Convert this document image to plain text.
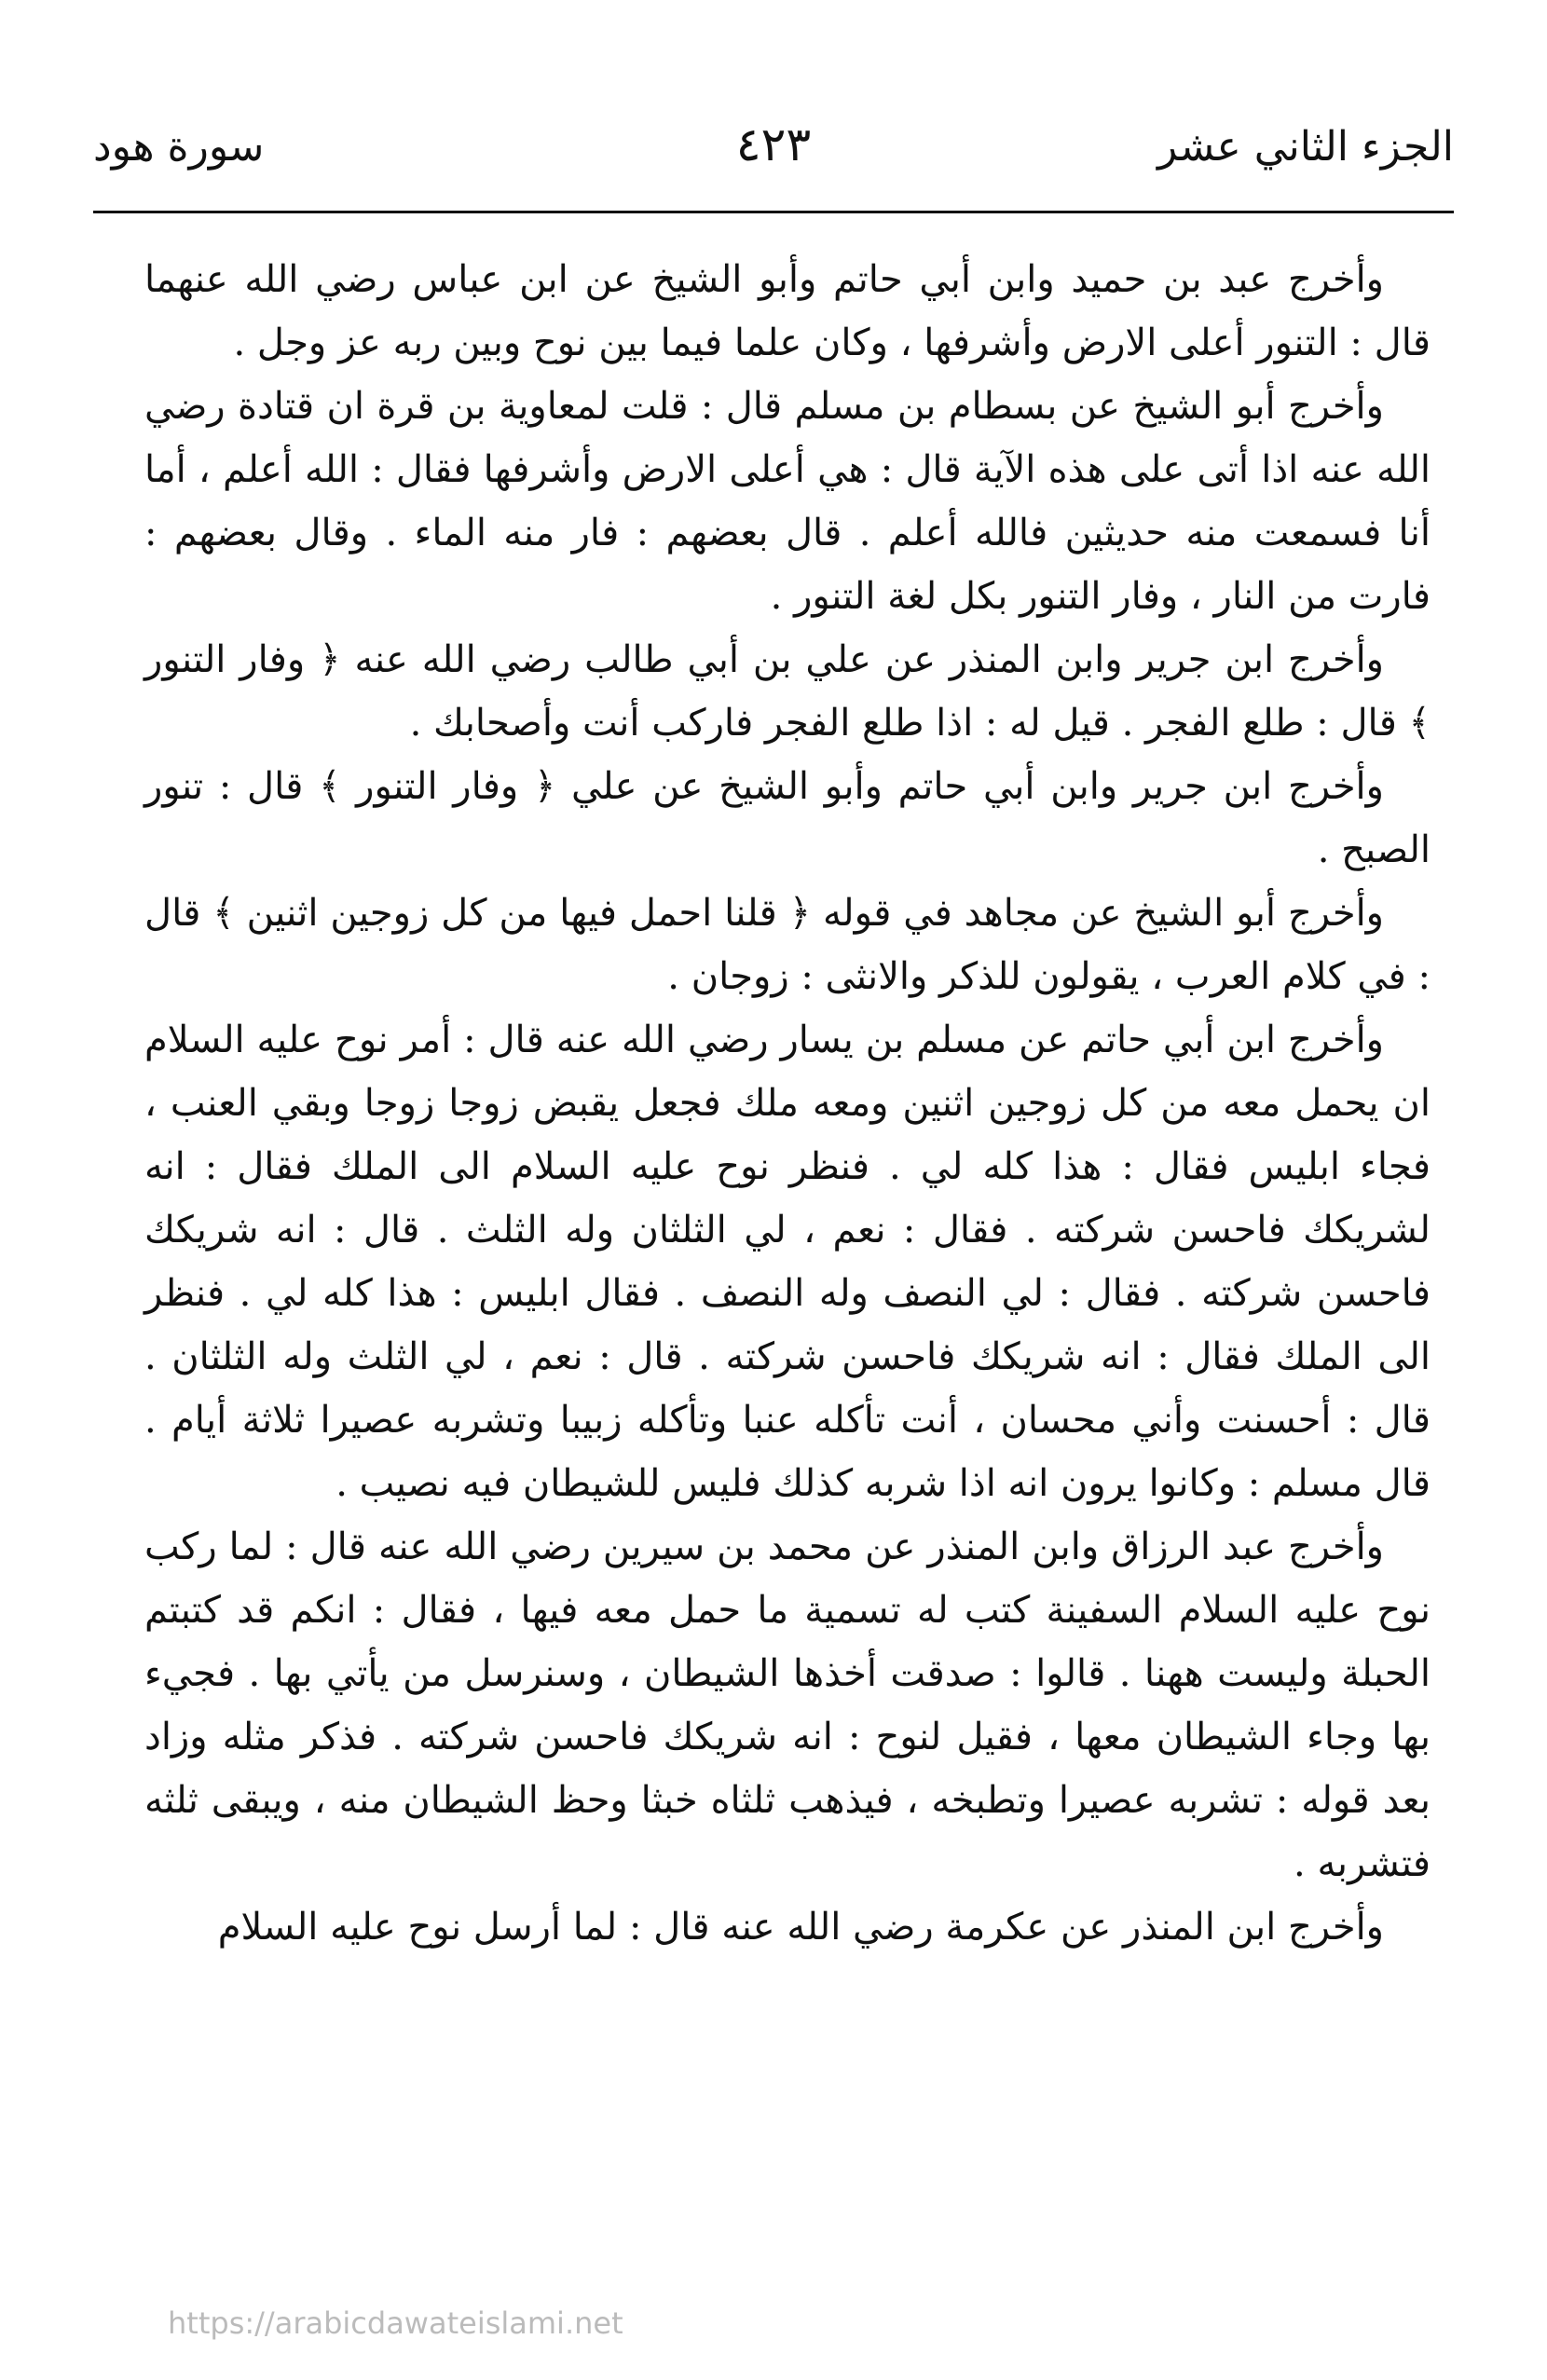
الجزء الثاني عشر
٤٢٣
سورة هود

وأخرج عبد بن حميد وابن أبي حاتم وأبو الشيخ عن ابن عباس رضي الله عنهما قال : التنور أعلى الارض وأشرفها ، وكان علما فيما بين نوح وبين ربه عز وجل .

وأخرج أبو الشيخ عن بسطام بن مسلم قال : قلت لمعاوية بن قرة ان قتادة رضي الله عنه اذا أتى على هذه الآية قال : هي أعلى الارض وأشرفها فقال : الله أعلم ، أما أنا فسمعت منه حديثين فالله أعلم . قال بعضهم : فار منه الماء . وقال بعضهم : فارت من النار ، وفار التنور بكل لغة التنور .

وأخرج ابن جرير وابن المنذر عن علي بن أبي طالب رضي الله عنه ﴿ وفار التنور ﴾ قال : طلع الفجر . قيل له : اذا طلع الفجر فاركب أنت وأصحابك .

وأخرج ابن جرير وابن أبي حاتم وأبو الشيخ عن علي ﴿ وفار التنور ﴾ قال : تنور الصبح .

وأخرج أبو الشيخ عن مجاهد في قوله ﴿ قلنا احمل فيها من كل زوجين اثنين ﴾ قال : في كلام العرب ، يقولون للذكر والانثى : زوجان .

وأخرج ابن أبي حاتم عن مسلم بن يسار رضي الله عنه قال : أمر نوح عليه السلام ان يحمل معه من كل زوجين اثنين ومعه ملك فجعل يقبض زوجا زوجا وبقي العنب ، فجاء ابليس فقال : هذا كله لي . فنظر نوح عليه السلام الى الملك فقال : انه لشريكك فاحسن شركته . فقال : نعم ، لي الثلثان وله الثلث . قال : انه شريكك فاحسن شركته . فقال : لي النصف وله النصف . فقال ابليس : هذا كله لي . فنظر الى الملك فقال : انه شريكك فاحسن شركته . قال : نعم ، لي الثلث وله الثلثان . قال : أحسنت وأني محسان ، أنت تأكله عنبا وتأكله زبيبا وتشربه عصيرا ثلاثة أيام . قال مسلم : وكانوا يرون انه اذا شربه كذلك فليس للشيطان فيه نصيب .

وأخرج عبد الرزاق وابن المنذر عن محمد بن سيرين رضي الله عنه قال : لما ركب نوح عليه السلام السفينة كتب له تسمية ما حمل معه فيها ، فقال : انكم قد كتبتم الحبلة وليست ههنا . قالوا : صدقت أخذها الشيطان ، وسنرسل من يأتي بها . فجيء بها وجاء الشيطان معها ، فقيل لنوح : انه شريكك فاحسن شركته . فذكر مثله وزاد بعد قوله : تشربه عصيرا وتطبخه ، فيذهب ثلثاه خبثا وحظ الشيطان منه ، ويبقى ثلثه فتشربه .

وأخرج ابن المنذر عن عكرمة رضي الله عنه قال : لما أرسل نوح عليه السلام

https://arabicdawateislami.net
